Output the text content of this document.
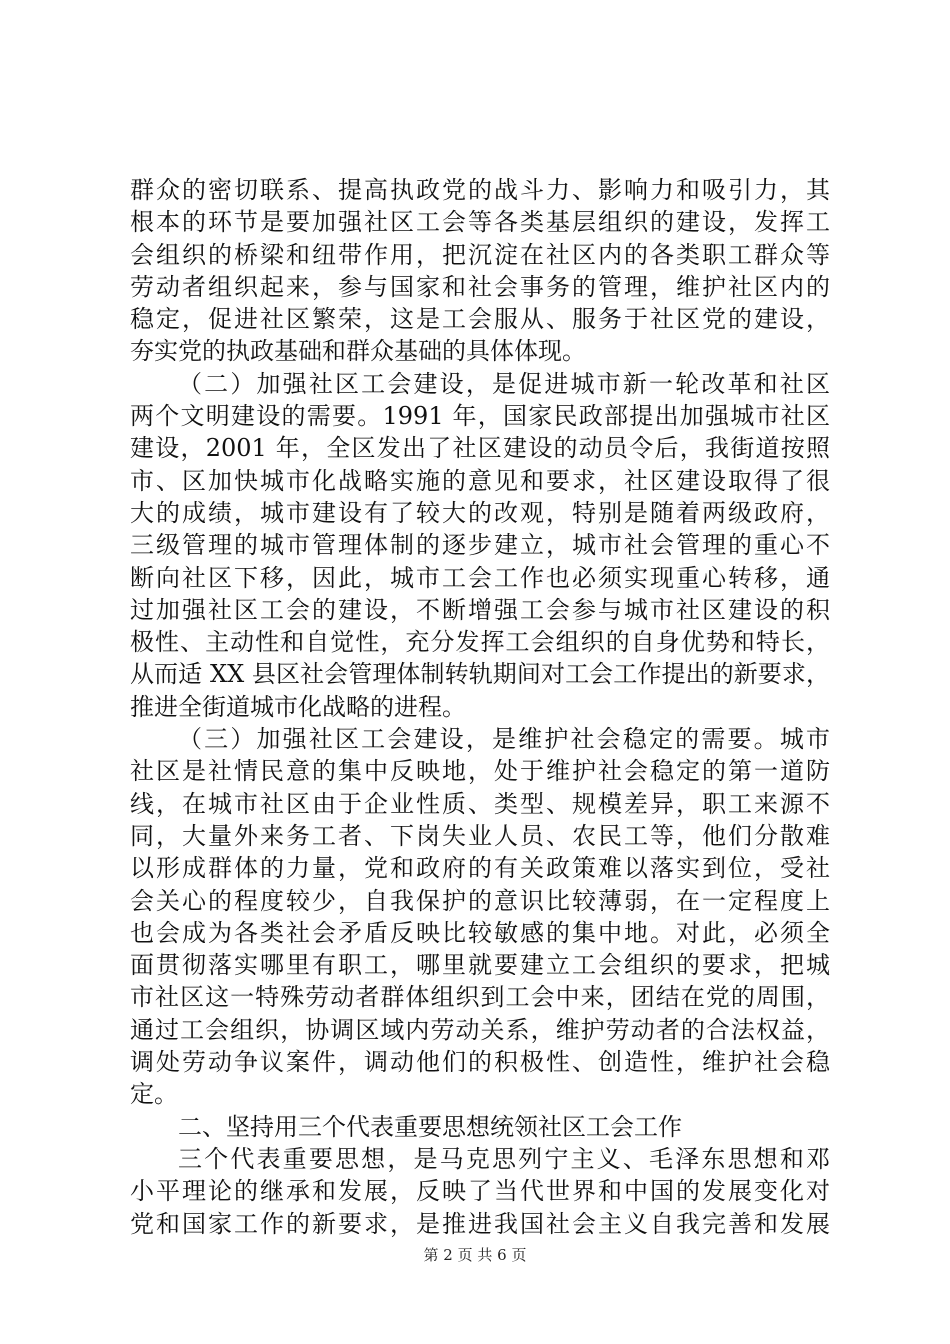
群众的密切联系、提高执政党的战斗力、影响力和吸引力，其
根本的环节是要加强社区工会等各类基层组织的建设，发挥工
会组织的桥梁和纽带作用，把沉淀在社区内的各类职工群众等
劳动者组织起来，参与国家和社会事务的管理，维护社区内的
稳定，促进社区繁荣，这是工会服从、服务于社区党的建设，
夯实党的执政基础和群众基础的具体体现。
（二）加强社区工会建设，是促进城市新一轮改革和社区
两个文明建设的需要。1991 年，国家民政部提出加强城市社区
建设，2001 年，全区发出了社区建设的动员令后，我街道按照
市、区加快城市化战略实施的意见和要求，社区建设取得了很
大的成绩，城市建设有了较大的改观，特别是随着两级政府，
三级管理的城市管理体制的逐步建立，城市社会管理的重心不
断向社区下移，因此，城市工会工作也必须实现重心转移，通
过加强社区工会的建设，不断增强工会参与城市社区建设的积
极性、主动性和自觉性，充分发挥工会组织的自身优势和特长，
从而适 XX 县区社会管理体制转轨期间对工会工作提出的新要求，
推进全街道城市化战略的进程。
（三）加强社区工会建设，是维护社会稳定的需要。城市
社区是社情民意的集中反映地，处于维护社会稳定的第一道防
线，在城市社区由于企业性质、类型、规模差异，职工来源不
同，大量外来务工者、下岗失业人员、农民工等，他们分散难
以形成群体的力量，党和政府的有关政策难以落实到位，受社
会关心的程度较少，自我保护的意识比较薄弱，在一定程度上
也会成为各类社会矛盾反映比较敏感的集中地。对此，必须全
面贯彻落实哪里有职工，哪里就要建立工会组织的要求，把城
市社区这一特殊劳动者群体组织到工会中来，团结在党的周围，
通过工会组织，协调区域内劳动关系，维护劳动者的合法权益，
调处劳动争议案件，调动他们的积极性、创造性，维护社会稳
定。
二、坚持用三个代表重要思想统领社区工会工作
三个代表重要思想，是马克思列宁主义、毛泽东思想和邓
小平理论的继承和发展，反映了当代世界和中国的发展变化对
党和国家工作的新要求，是推进我国社会主义自我完善和发展
第 2 页 共 6 页
